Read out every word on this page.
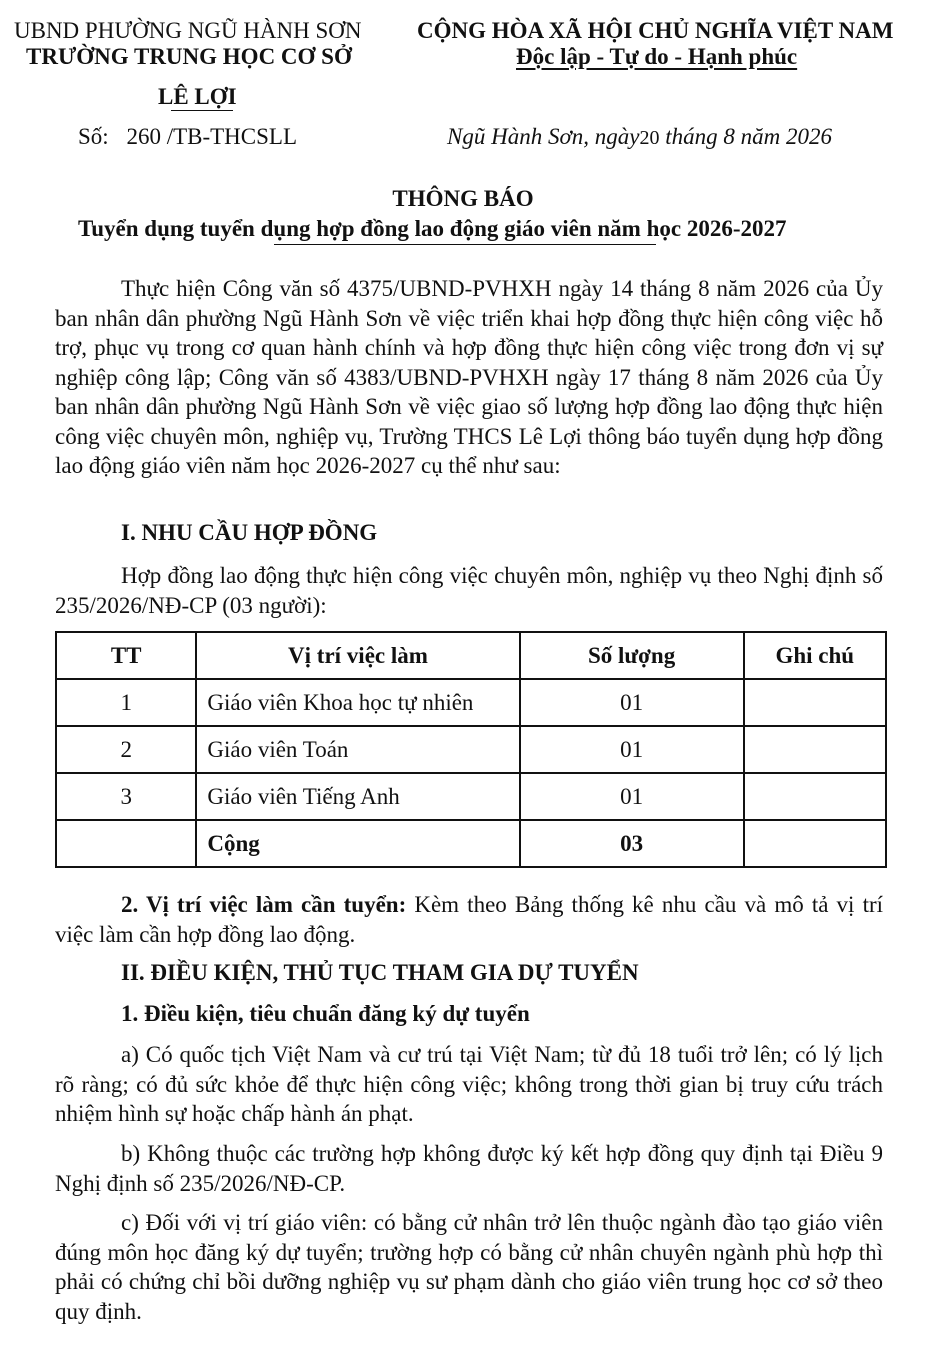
UBND PHƯỜNG NGŨ HÀNH SƠN
TRƯỜNG TRUNG HỌC CƠ SỞ
LÊ LỢI
Số: 260 /TB-THCSLL
CỘNG HÒA XÃ HỘI CHỦ NGHĨA VIỆT NAM
Độc lập - Tự do - Hạnh phúc
Ngũ Hành Sơn, ngày20 tháng 8 năm 2026
THÔNG BÁO
Tuyển dụng tuyển dụng hợp đồng lao động giáo viên năm học 2026-2027

Thực hiện Công văn số 4375/UBND-PVHXH ngày 14 tháng 8 năm 2026 của Ủy ban nhân dân phường Ngũ Hành Sơn về việc triển khai hợp đồng thực hiện công việc hỗ trợ, phục vụ trong cơ quan hành chính và hợp đồng thực hiện công việc trong đơn vị sự nghiệp công lập; Công văn số 4383/UBND-PVHXH ngày 17 tháng 8 năm 2026 của Ủy ban nhân dân phường Ngũ Hành Sơn về việc giao số lượng hợp đồng lao động thực hiện công việc chuyên môn, nghiệp vụ, Trường THCS Lê Lợi thông báo tuyển dụng hợp đồng lao động giáo viên năm học 2026-2027 cụ thể như sau:

I. NHU CẦU HỢP ĐỒNG

Hợp đồng lao động thực hiện công việc chuyên môn, nghiệp vụ theo Nghị định số 235/2026/NĐ-CP (03 người):

TT	Vị trí việc làm	Số lượng	Ghi chú
1	Giáo viên Khoa học tự nhiên	01	
2	Giáo viên Toán	01	
3	Giáo viên Tiếng Anh	01	
	Cộng	03	

2. Vị trí việc làm cần tuyển: Kèm theo Bảng thống kê nhu cầu và mô tả vị trí việc làm cần hợp đồng lao động.

II. ĐIỀU KIỆN, THỦ TỤC THAM GIA DỰ TUYỂN
1. Điều kiện, tiêu chuẩn đăng ký dự tuyển

a) Có quốc tịch Việt Nam và cư trú tại Việt Nam; từ đủ 18 tuổi trở lên; có lý lịch rõ ràng; có đủ sức khỏe để thực hiện công việc; không trong thời gian bị truy cứu trách nhiệm hình sự hoặc chấp hành án phạt.

b) Không thuộc các trường hợp không được ký kết hợp đồng quy định tại Điều 9 Nghị định số 235/2026/NĐ-CP.

c) Đối với vị trí giáo viên: có bằng cử nhân trở lên thuộc ngành đào tạo giáo viên đúng môn học đăng ký dự tuyển; trường hợp có bằng cử nhân chuyên ngành phù hợp thì phải có chứng chỉ bồi dưỡng nghiệp vụ sư phạm dành cho giáo viên trung học cơ sở theo quy định.
